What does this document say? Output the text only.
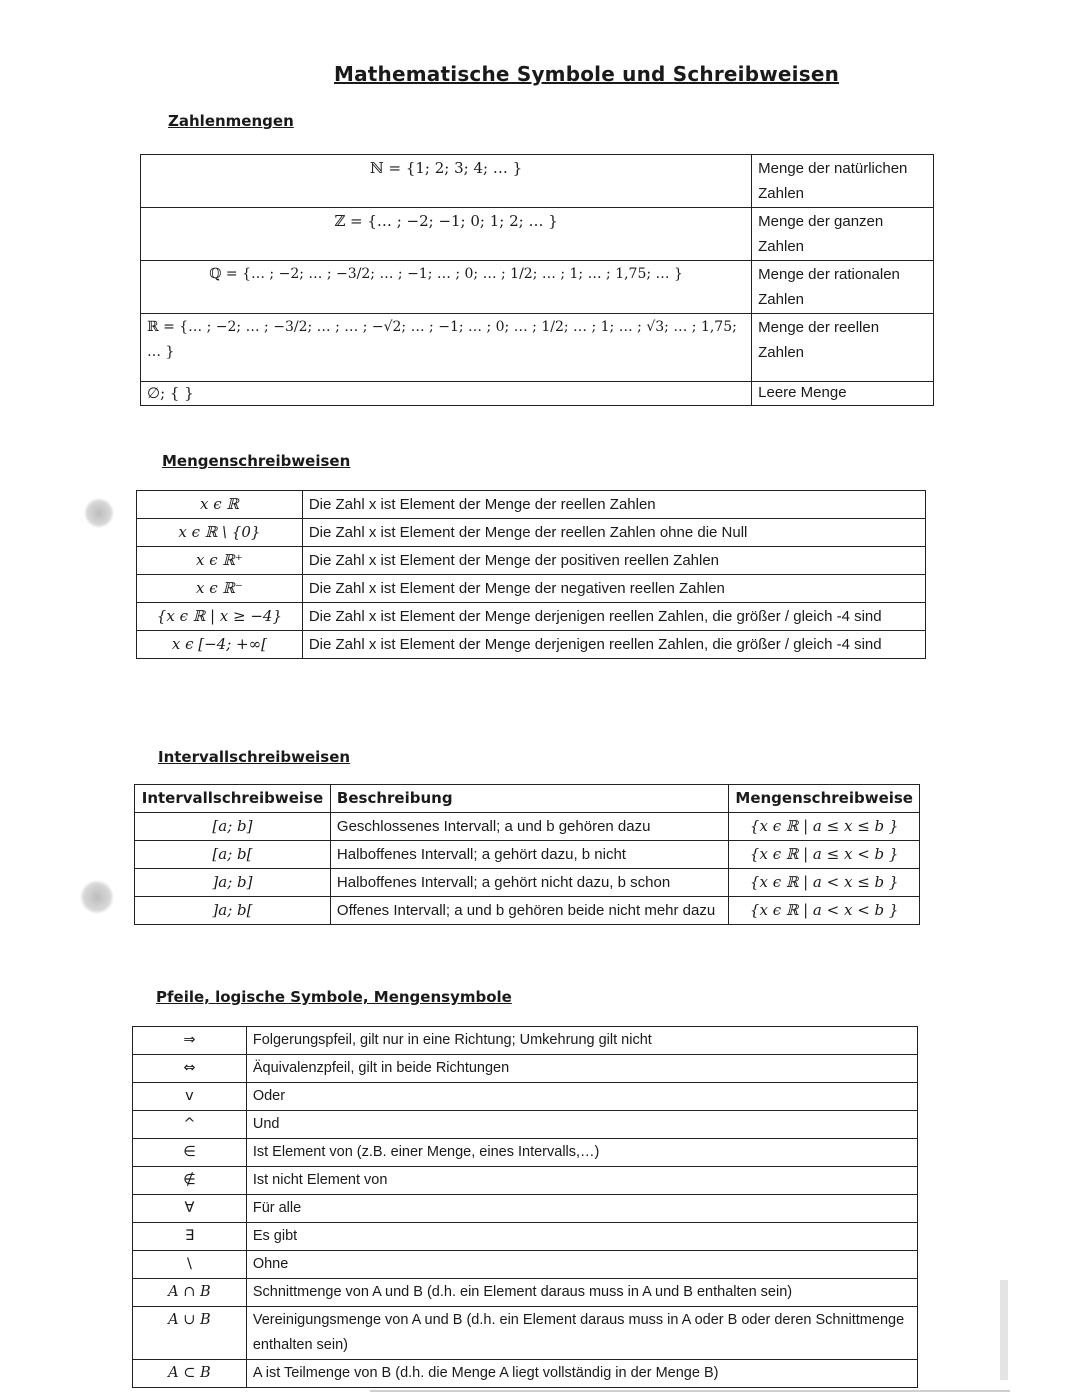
Mathematische Symbole und Schreibweisen
Zahlenmengen
ℕ = {1; 2; 3; 4; … }	Menge der natürlichen Zahlen
ℤ = {… ; −2; −1; 0; 1; 2; … }	Menge der ganzen Zahlen
ℚ = {… ; −2; … ; −3/2; … ; −1; … ; 0; … ; 1/2; … ; 1; … ; 1,75; … }	Menge der rationalen Zahlen
ℝ = {… ; −2; … ; −3/2; … ; … ; −√2; … ; −1; … ; 0; … ; 1/2; … ; 1; … ; √3; … ; 1,75; … }	Menge der reellen Zahlen
∅; { }	Leere Menge
Mengenschreibweisen
x ϵ ℝ	Die Zahl x ist Element der Menge der reellen Zahlen
x ϵ ℝ \ {0}	Die Zahl x ist Element der Menge der reellen Zahlen ohne die Null
x ϵ ℝ⁺	Die Zahl x ist Element der Menge der positiven reellen Zahlen
x ϵ ℝ⁻	Die Zahl x ist Element der Menge der negativen reellen Zahlen
{x ϵ ℝ | x ≥ −4}	Die Zahl x ist Element der Menge derjenigen reellen Zahlen, die größer / gleich -4 sind
x ϵ [−4; +∞[	Die Zahl x ist Element der Menge derjenigen reellen Zahlen, die größer / gleich -4 sind
Intervallschreibweisen
Intervallschreibweise	Beschreibung	Mengenschreibweise
[a; b]	Geschlossenes Intervall; a und b gehören dazu	{x ϵ ℝ | a ≤ x ≤ b }
[a; b[	Halboffenes Intervall; a gehört dazu, b nicht	{x ϵ ℝ | a ≤ x < b }
]a; b]	Halboffenes Intervall; a gehört nicht dazu, b schon	{x ϵ ℝ | a < x ≤ b }
]a; b[	Offenes Intervall; a und b gehören beide nicht mehr dazu	{x ϵ ℝ | a < x < b }
Pfeile, logische Symbole, Mengensymbole
⇒	Folgerungspfeil, gilt nur in eine Richtung; Umkehrung gilt nicht
⇔	Äquivalenzpfeil, gilt in beide Richtungen
v	Oder
^	Und
∈	Ist Element von (z.B. einer Menge, eines Intervalls,…)
∉	Ist nicht Element von
∀	Für alle
∃	Es gibt
\	Ohne
A ∩ B	Schnittmenge von A und B (d.h. ein Element daraus muss in A und B enthalten sein)
A ∪ B	Vereinigungsmenge von A und B (d.h. ein Element daraus muss in A oder B oder deren Schnittmenge enthalten sein)
A ⊂ B	A ist Teilmenge von B (d.h. die Menge A liegt vollständig in der Menge B)
